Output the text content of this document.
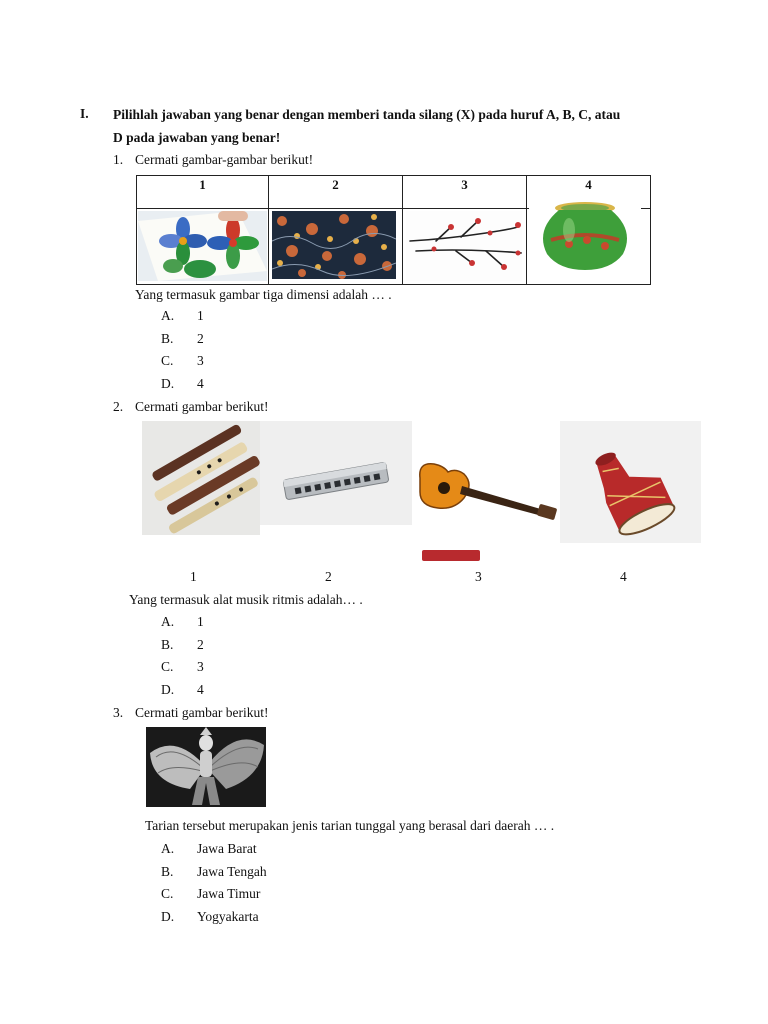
I. Pilihlah jawaban yang benar dengan memberi tanda silang (X) pada huruf A, B, C, atau
D pada jawaban yang benar!
1. Cermati gambar-gambar berikut!
1	2	3	4
Yang termasuk gambar tiga dimensi adalah … .
A. 1
B. 2
C. 3
D. 4
2. Cermati gambar berikut!
1	2	3	4
Yang termasuk alat musik ritmis adalah… .
A. 1
B. 2
C. 3
D. 4
3. Cermati gambar berikut!
Tarian tersebut merupakan jenis tarian tunggal yang berasal dari daerah … .
A. Jawa Barat
B. Jawa Tengah
C. Jawa Timur
D. Yogyakarta
